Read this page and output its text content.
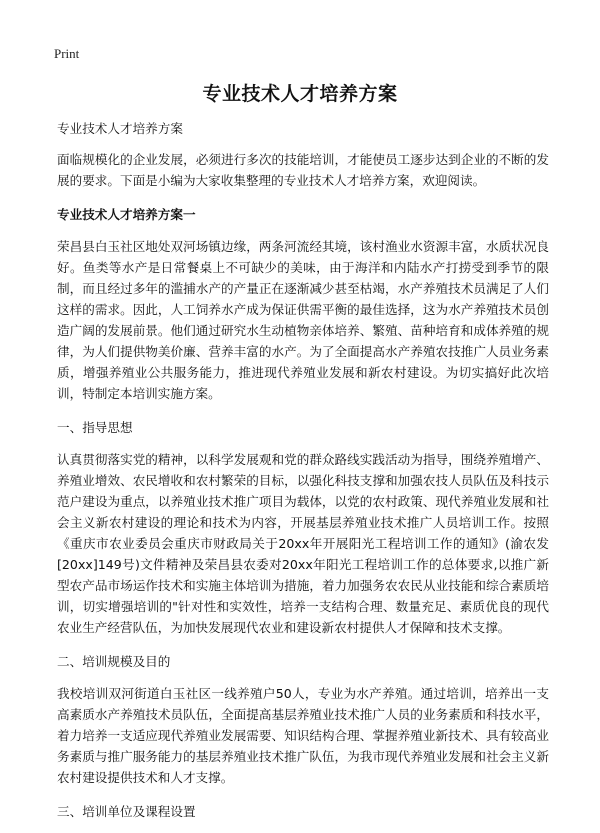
Print
专业技术人才培养方案

专业技术人才培养方案

面临规模化的企业发展，必须进行多次的技能培训，才能使员工逐步达到企业的不断的发展的要求。下面是小编为大家收集整理的专业技术人才培养方案，欢迎阅读。

专业技术人才培养方案一

荣昌县白玉社区地处双河场镇边缘，两条河流经其境，该村渔业水资源丰富，水质状况良好。鱼类等水产是日常餐桌上不可缺少的美味，由于海洋和内陆水产打捞受到季节的限制，而且经过多年的滥捕水产的产量正在逐渐减少甚至枯竭，水产养殖技术员满足了人们这样的需求。因此，人工饲养水产成为保证供需平衡的最佳选择，这为水产养殖技术员创造广阔的发展前景。他们通过研究水生动植物亲体培养、繁殖、苗种培育和成体养殖的规律，为人们提供物美价廉、营养丰富的水产。为了全面提高水产养殖农技推广人员业务素质，增强养殖业公共服务能力，推进现代养殖业发展和新农村建设。为切实搞好此次培训，特制定本培训实施方案。

一、指导思想

认真贯彻落实党的精神，以科学发展观和党的群众路线实践活动为指导，围绕养殖增产、养殖业增效、农民增收和农村繁荣的目标，以强化科技支撑和加强农技人员队伍及科技示范户建设为重点，以养殖业技术推广项目为载体，以党的农村政策、现代养殖业发展和社会主义新农村建设的理论和技术为内容，开展基层养殖业技术推广人员培训工作。按照《重庆市农业委员会重庆市财政局关于20xx年开展阳光工程培训工作的通知》(渝农发[20xx]149号)文件精神及荣昌县农委对20xx年阳光工程培训工作的总体要求,以推广新型农产品市场运作技术和实施主体培训为措施，着力加强务农农民从业技能和综合素质培训，切实增强培训的"针对性和实效性，培养一支结构合理、数量充足、素质优良的现代农业生产经营队伍，为加快发展现代农业和建设新农村提供人才保障和技术支撑。

二、培训规模及目的

我校培训双河街道白玉社区一线养殖户50人，专业为水产养殖。通过培训，培养出一支高素质水产养殖技术员队伍，全面提高基层养殖业技术推广人员的业务素质和科技水平，着力培养一支适应现代养殖业发展需要、知识结构合理、掌握养殖业新技术、具有较高业务素质与推广服务能力的基层养殖业技术推广队伍，为我市现代养殖业发展和社会主义新农村建设提供技术和人才支撑。

三、培训单位及课程设置
